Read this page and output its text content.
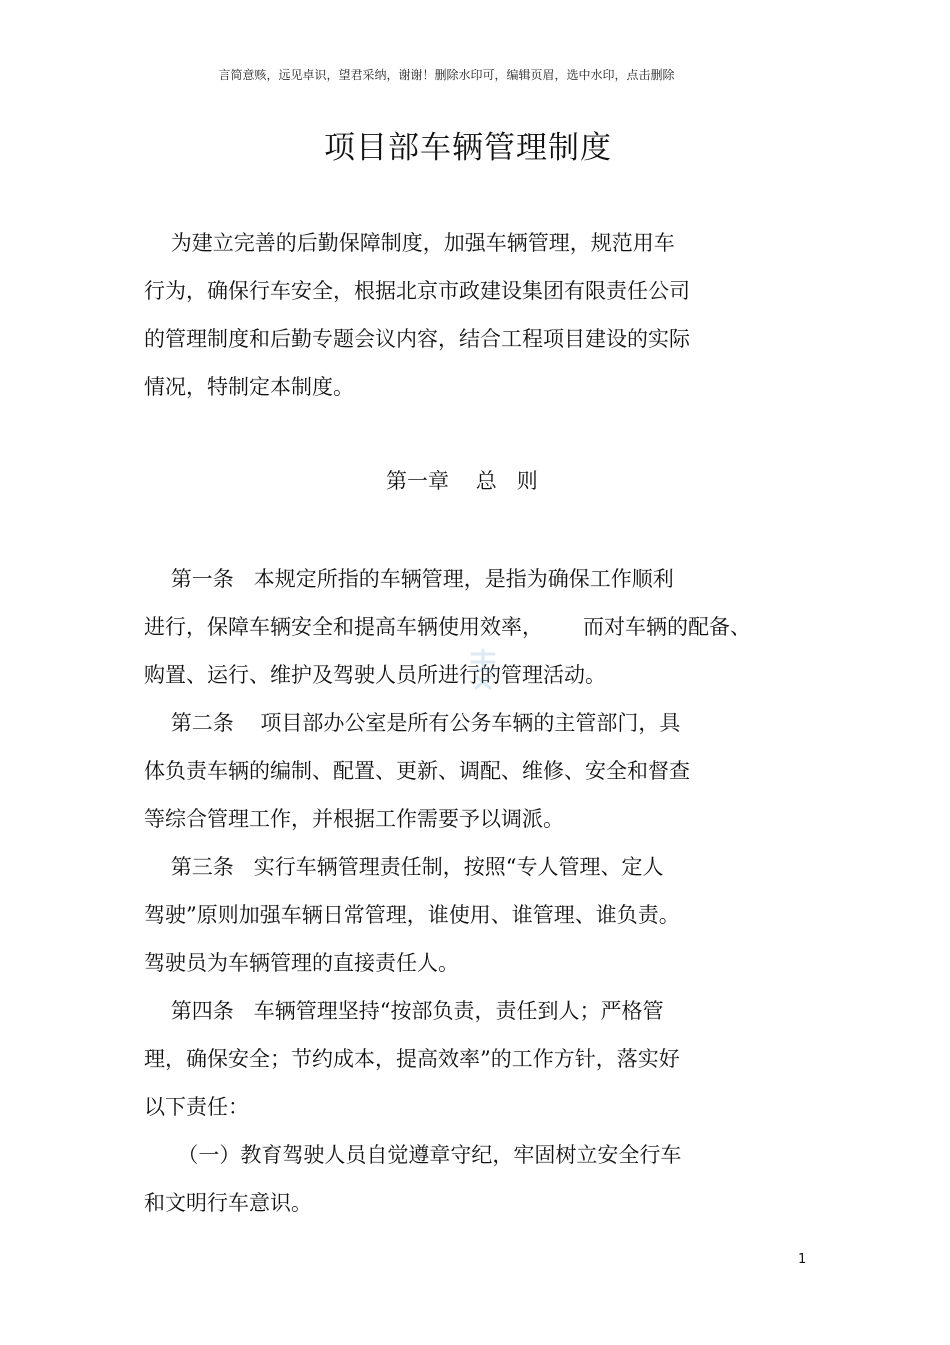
言简意赅，远见卓识，望君采纳，谢谢！删除水印可，编辑页眉，选中水印，点击删除
项目部车辆管理制度
为建立完善的后勤保障制度，加强车辆管理，规范用车
行为，确保行车安全，根据北京市政建设集团有限责任公司
的管理制度和后勤专题会议内容，结合工程项目建设的实际
情况，特制定本制度。
第一章    总   则
第一条   本规定所指的车辆管理，是指为确保工作顺利
进行，保障车辆安全和提高车辆使用效率，      而对车辆的配备、
购置、运行、维护及驾驶人员所进行的管理活动。
第二条    项目部办公室是所有公务车辆的主管部门，具
体负责车辆的编制、配置、更新、调配、维修、安全和督查
等综合管理工作，并根据工作需要予以调派。
第三条   实行车辆管理责任制，按照“专人管理、定人
驾驶”原则加强车辆日常管理，谁使用、谁管理、谁负责。
驾驶员为车辆管理的直接责任人。
第四条   车辆管理坚持“按部负责，责任到人；严格管
理，确保安全；节约成本，提高效率”的工作方针，落实好
以下责任：
（一）教育驾驶人员自觉遵章守纪，牢固树立安全行车
和文明行车意识。
1
